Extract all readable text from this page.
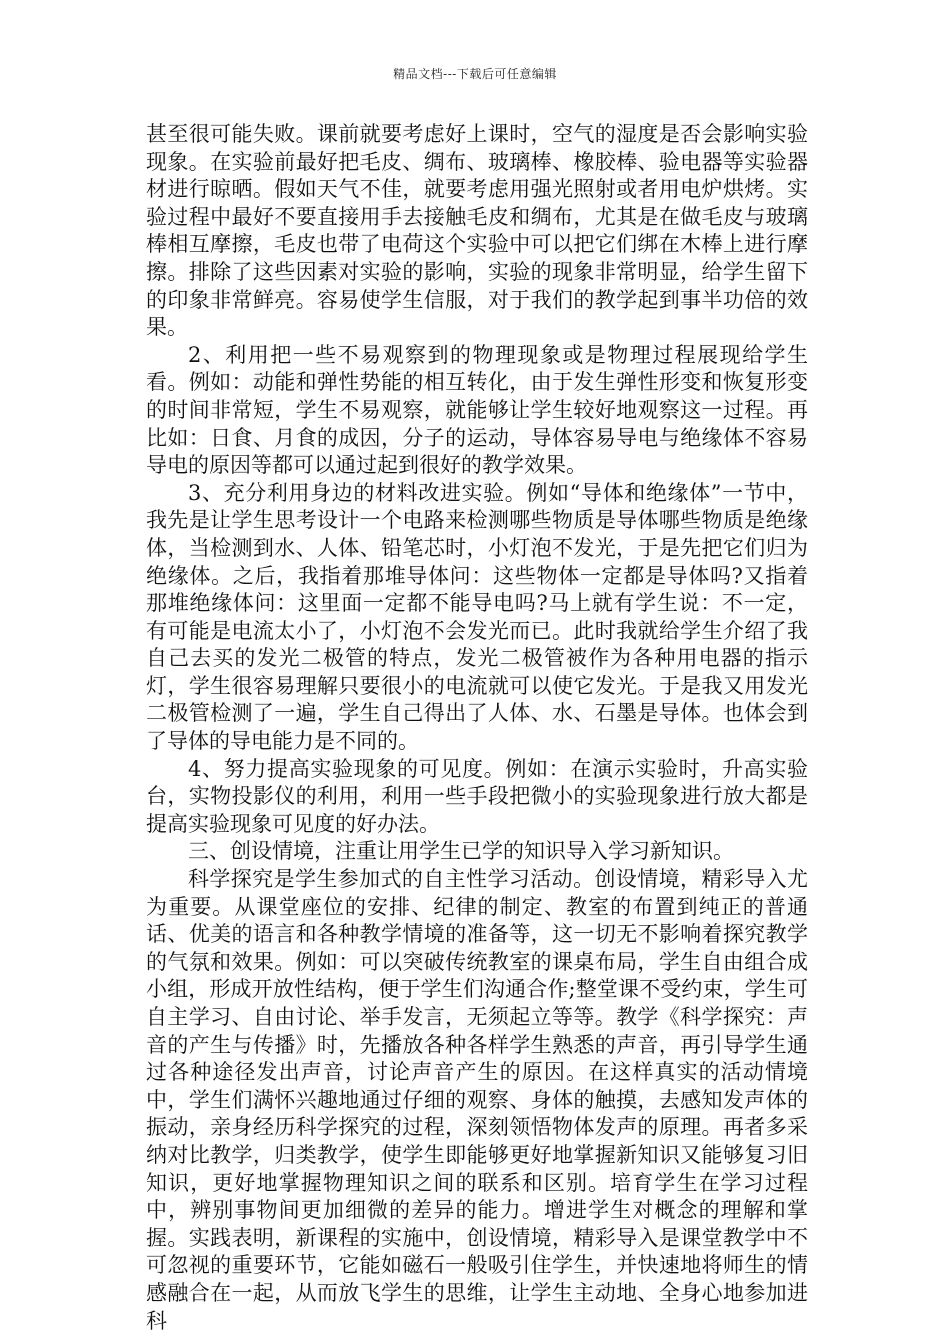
精品文档---下载后可任意编辑

甚至很可能失败。课前就要考虑好上课时，空气的湿度是否会影响实验现象。在实验前最好把毛皮、绸布、玻璃棒、橡胶棒、验电器等实验器材进行晾晒。假如天气不佳，就要考虑用强光照射或者用电炉烘烤。实验过程中最好不要直接用手去接触毛皮和绸布，尤其是在做毛皮与玻璃棒相互摩擦，毛皮也带了电荷这个实验中可以把它们绑在木棒上进行摩擦。排除了这些因素对实验的影响，实验的现象非常明显，给学生留下的印象非常鲜亮。容易使学生信服，对于我们的教学起到事半功倍的效果。

2、利用把一些不易观察到的物理现象或是物理过程展现给学生看。例如：动能和弹性势能的相互转化，由于发生弹性形变和恢复形变的时间非常短，学生不易观察，就能够让学生较好地观察这一过程。再比如：日食、月食的成因，分子的运动，导体容易导电与绝缘体不容易导电的原因等都可以通过起到很好的教学效果。

3、充分利用身边的材料改进实验。例如“导体和绝缘体”一节中，我先是让学生思考设计一个电路来检测哪些物质是导体哪些物质是绝缘体，当检测到水、人体、铅笔芯时，小灯泡不发光，于是先把它们归为绝缘体。之后，我指着那堆导体问：这些物体一定都是导体吗?又指着那堆绝缘体问：这里面一定都不能导电吗?马上就有学生说：不一定，有可能是电流太小了，小灯泡不会发光而已。此时我就给学生介绍了我自己去买的发光二极管的特点，发光二极管被作为各种用电器的指示灯，学生很容易理解只要很小的电流就可以使它发光。于是我又用发光二极管检测了一遍，学生自己得出了人体、水、石墨是导体。也体会到了导体的导电能力是不同的。

4、努力提高实验现象的可见度。例如：在演示实验时，升高实验台，实物投影仪的利用，利用一些手段把微小的实验现象进行放大都是提高实验现象可见度的好办法。

三、创设情境，注重让用学生已学的知识导入学习新知识。

科学探究是学生参加式的自主性学习活动。创设情境，精彩导入尤为重要。从课堂座位的安排、纪律的制定、教室的布置到纯正的普通话、优美的语言和各种教学情境的准备等，这一切无不影响着探究教学的气氛和效果。例如：可以突破传统教室的课桌布局，学生自由组合成小组，形成开放性结构，便于学生们沟通合作;整堂课不受约束，学生可自主学习、自由讨论、举手发言，无须起立等等。教学《科学探究：声音的产生与传播》时，先播放各种各样学生熟悉的声音，再引导学生通过各种途径发出声音，讨论声音产生的原因。在这样真实的活动情境中，学生们满怀兴趣地通过仔细的观察、身体的触摸，去感知发声体的振动，亲身经历科学探究的过程，深刻领悟物体发声的原理。再者多采纳对比教学，归类教学，使学生即能够更好地掌握新知识又能够复习旧知识，更好地掌握物理知识之间的联系和区别。培育学生在学习过程中，辨别事物间更加细微的差异的能力。增进学生对概念的理解和掌握。实践表明，新课程的实施中，创设情境，精彩导入是课堂教学中不可忽视的重要环节，它能如磁石一般吸引住学生，并快速地将师生的情感融合在一起，从而放飞学生的思维，让学生主动地、全身心地参加进科
